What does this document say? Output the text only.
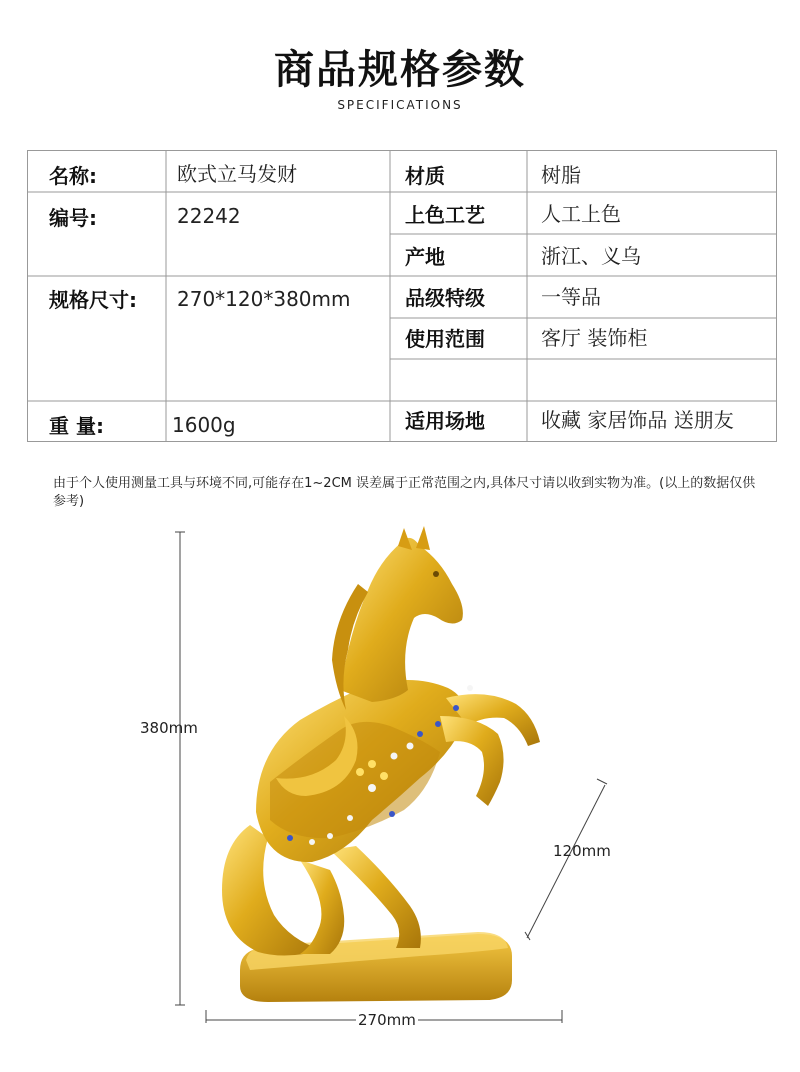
商品规格参数
SPECIFICATIONS
名称:	欧式立马发财
编号:	22242
规格尺寸: 270*120*380mm
重 量:	1600g
材质	树脂
上色工艺	人工上色
产地	浙江、义乌
品级特级	一等品
使用范围	客厅 装饰柜
适用场地	收藏 家居饰品 送朋友
由于个人使用测量工具与环境不同,可能存在1~2CM 误差属于正常范围之内,具体尺寸请以收到实物为准。(以上的数据仅供参考)
380mm
120mm
270mm
